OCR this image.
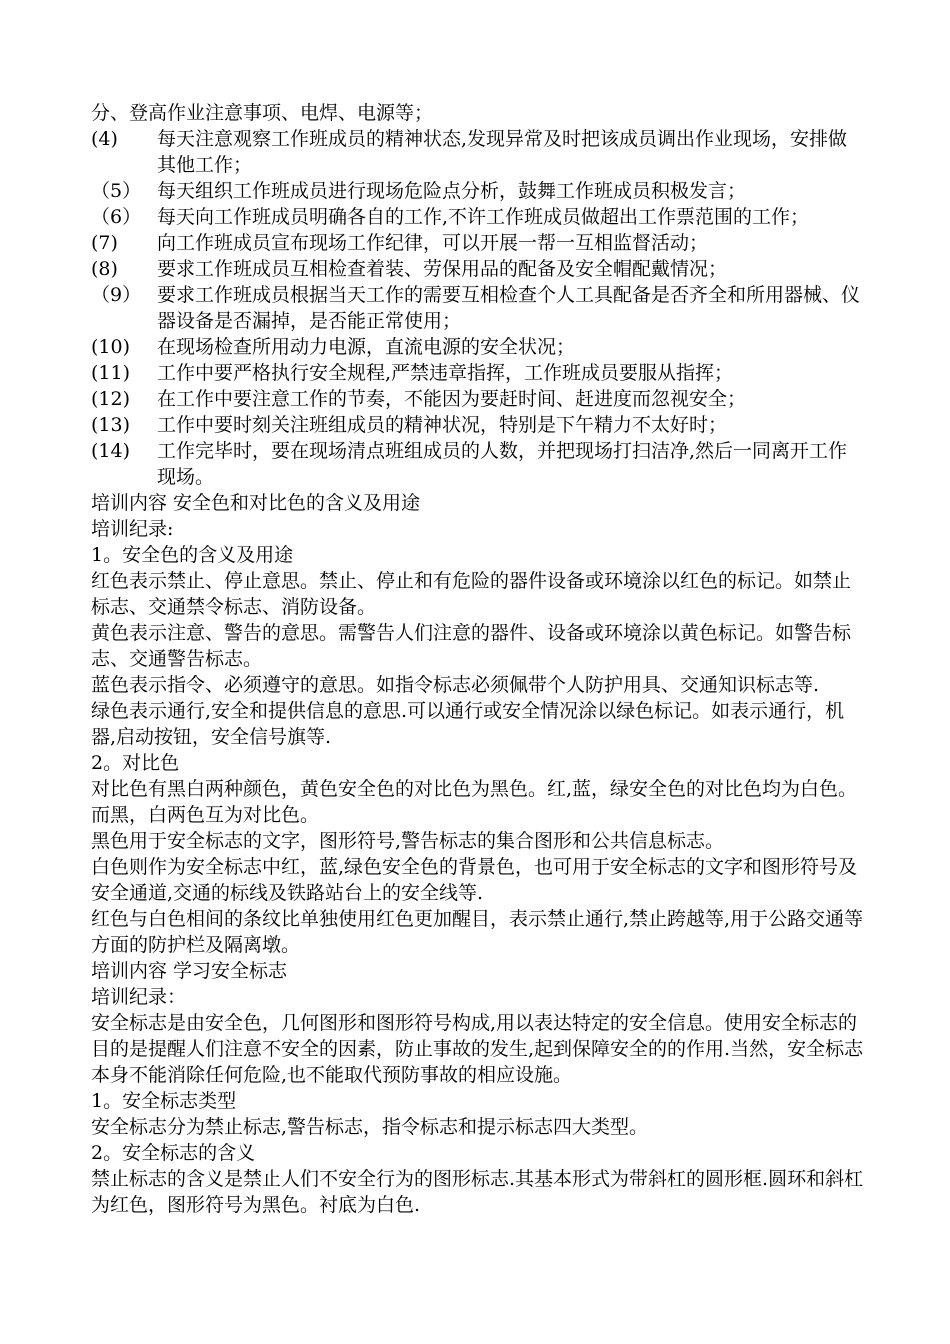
分、登高作业注意事项、电焊、电源等；

(4)	每天注意观察工作班成员的精神状态,发现异常及时把该成员调出作业现场，安排做其他工作；
（5） 每天组织工作班成员进行现场危险点分析，鼓舞工作班成员积极发言；
（6） 每天向工作班成员明确各自的工作,不许工作班成员做超出工作票范围的工作；
(7)	向工作班成员宣布现场工作纪律，可以开展一帮一互相监督活动；
(8)	要求工作班成员互相检查着装、劳保用品的配备及安全帽配戴情况；
（9） 要求工作班成员根据当天工作的需要互相检查个人工具配备是否齐全和所用器械、仪器设备是否漏掉，是否能正常使用；
(10)	在现场检查所用动力电源，直流电源的安全状况；
(11)	工作中要严格执行安全规程,严禁违章指挥，工作班成员要服从指挥；
(12)	在工作中要注意工作的节奏，不能因为要赶时间、赶进度而忽视安全；
(13)	工作中要时刻关注班组成员的精神状况，特别是下午精力不太好时；
(14)	工作完毕时，要在现场清点班组成员的人数，并把现场打扫洁净,然后一同离开工作现场。

培训内容 安全色和对比色的含义及用途

培训纪录:

1。安全色的含义及用途

红色表示禁止、停止意思。禁止、停止和有危险的器件设备或环境涂以红色的标记。如禁止标志、交通禁令标志、消防设备。

黄色表示注意、警告的意思。需警告人们注意的器件、设备或环境涂以黄色标记。如警告标志、交通警告标志。

蓝色表示指令、必须遵守的意思。如指令标志必须佩带个人防护用具、交通知识标志等.

绿色表示通行,安全和提供信息的意思.可以通行或安全情况涂以绿色标记。如表示通行，机器,启动按钮，安全信号旗等.

2。对比色

对比色有黑白两种颜色，黄色安全色的对比色为黑色。红,蓝，绿安全色的对比色均为白色。而黑，白两色互为对比色。

黑色用于安全标志的文字，图形符号,警告标志的集合图形和公共信息标志。

白色则作为安全标志中红，蓝,绿色安全色的背景色，也可用于安全标志的文字和图形符号及安全通道,交通的标线及铁路站台上的安全线等.

红色与白色相间的条纹比单独使用红色更加醒目，表示禁止通行,禁止跨越等,用于公路交通等方面的防护栏及隔离墩。

培训内容 学习安全标志

培训纪录：

安全标志是由安全色，几何图形和图形符号构成,用以表达特定的安全信息。使用安全标志的目的是提醒人们注意不安全的因素，防止事故的发生,起到保障安全的的作用.当然，安全标志本身不能消除任何危险,也不能取代预防事故的相应设施。

1。安全标志类型

安全标志分为禁止标志,警告标志，指令标志和提示标志四大类型。

2。安全标志的含义

禁止标志的含义是禁止人们不安全行为的图形标志.其基本形式为带斜杠的圆形框.圆环和斜杠为红色，图形符号为黑色。衬底为白色.
